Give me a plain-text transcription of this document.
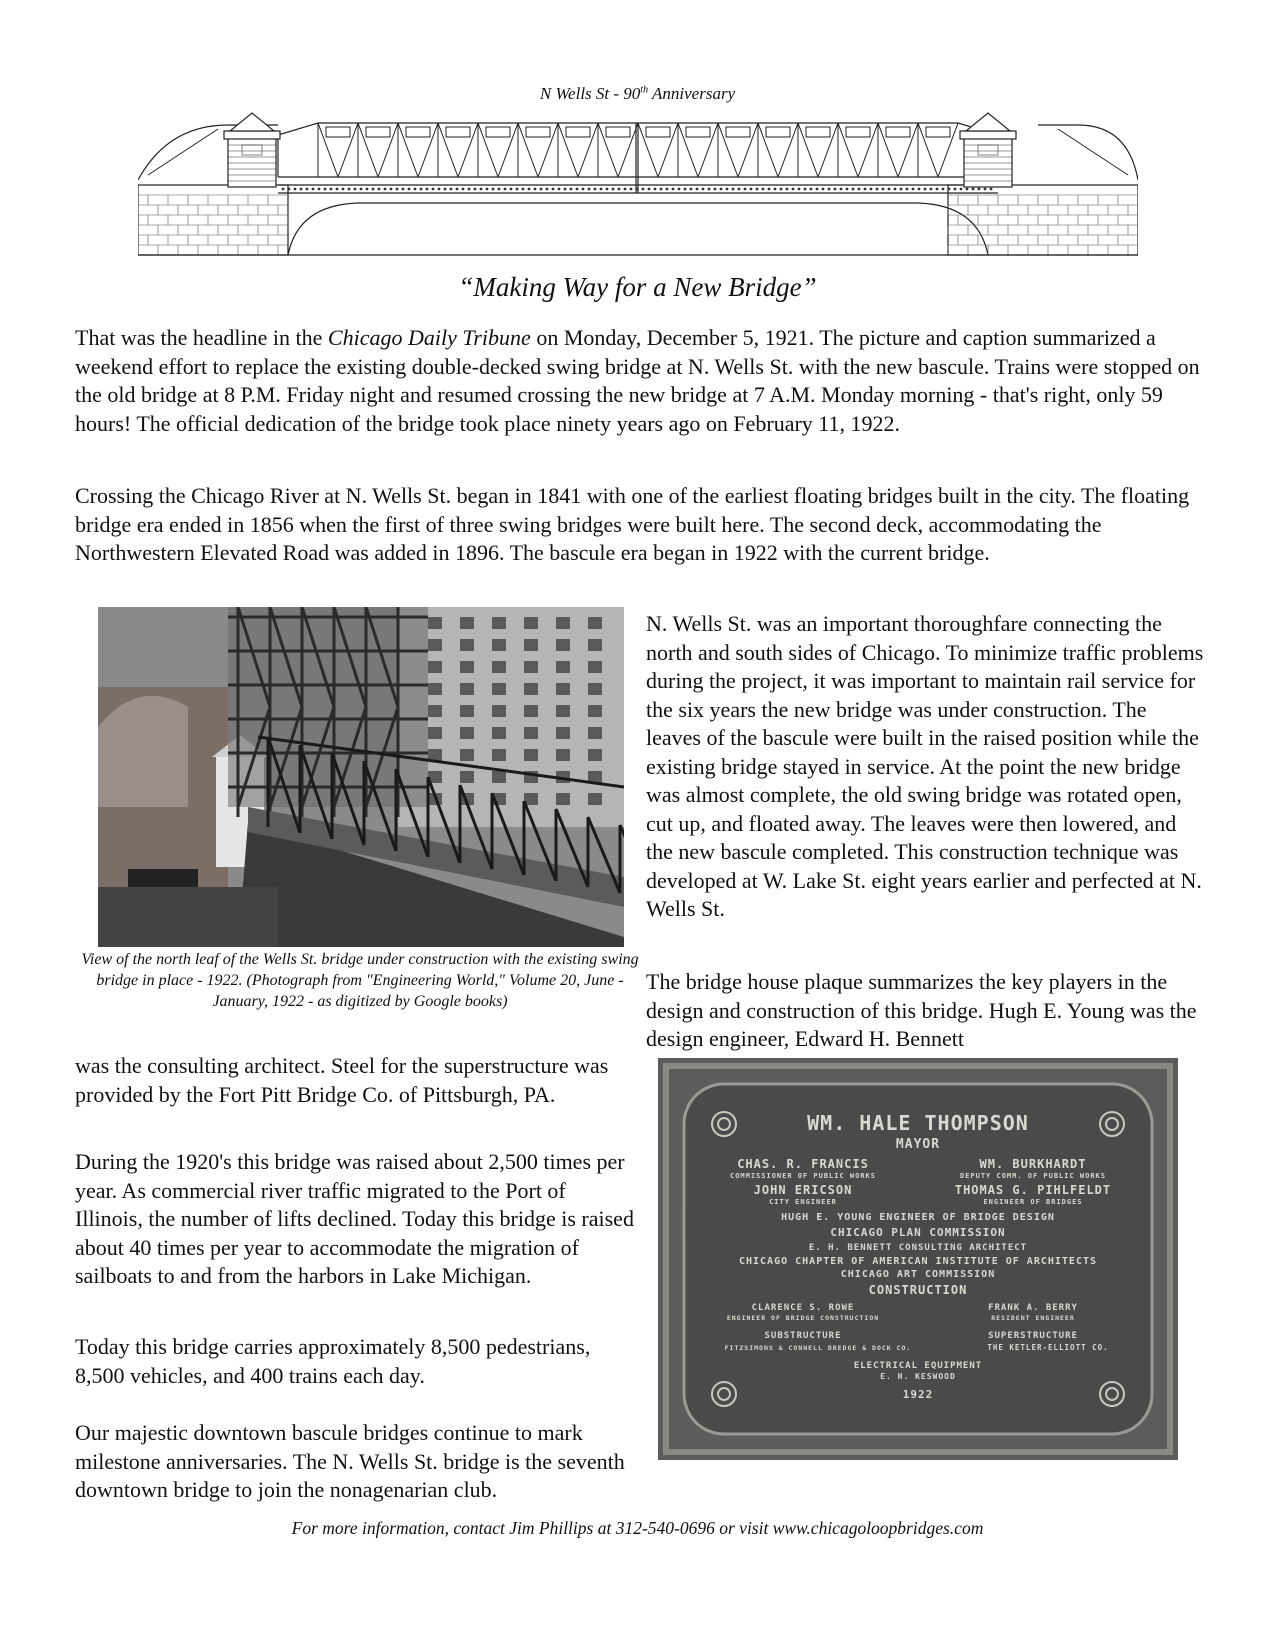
N Wells St - 90th Anniversary
“Making Way for a New Bridge”

That was the headline in the Chicago Daily Tribune on Monday, December 5, 1921. The picture and caption summarized a weekend effort to replace the existing double-decked swing bridge at N. Wells St. with the new bascule. Trains were stopped on the old bridge at 8 P.M. Friday night and resumed crossing the new bridge at 7 A.M. Monday morning - that's right, only 59 hours! The official dedication of the bridge took place ninety years ago on February 11, 1922.

Crossing the Chicago River at N. Wells St. began in 1841 with one of the earliest floating bridges built in the city. The floating bridge era ended in 1856 when the first of three swing bridges were built here. The second deck, accommodating the Northwestern Elevated Road was added in 1896. The bascule era began in 1922 with the current bridge.

View of the north leaf of the Wells St. bridge under construction with the existing swing bridge in place - 1922. (Photograph from "Engineering World," Volume 20, June - January, 1922 - as digitized by Google books)

N. Wells St. was an important thoroughfare connecting the north and south sides of Chicago. To minimize traffic problems during the project, it was important to maintain rail service for the six years the new bridge was under construction. The leaves of the bascule were built in the raised position while the existing bridge stayed in service. At the point the new bridge was almost complete, the old swing bridge was rotated open, cut up, and floated away. The leaves were then lowered, and the new bascule completed. This construction technique was developed at W. Lake St. eight years earlier and perfected at N. Wells St.

The bridge house plaque summarizes the key players in the design and construction of this bridge. Hugh E. Young was the design engineer, Edward H. Bennett

WM. HALE THOMPSON
MAYOR
CHAS. R. FRANCIS
COMMISSIONER OF PUBLIC WORKS
WM. BURKHARDT
DEPUTY COMM. OF PUBLIC WORKS
JOHN ERICSON
CITY ENGINEER
THOMAS G. PIHLFELDT
ENGINEER OF BRIDGES
HUGH E. YOUNG ENGINEER OF BRIDGE DESIGN
CHICAGO PLAN COMMISSION
E. H. BENNETT CONSULTING ARCHITECT
CHICAGO CHAPTER OF AMERICAN INSTITUTE OF ARCHITECTS
CHICAGO ART COMMISSION
CONSTRUCTION
CLARENCE S. ROWE
ENGINEER OF BRIDGE CONSTRUCTION
FRANK A. BERRY
RESIDENT ENGINEER
SUBSTRUCTURE	SUPERSTRUCTURE
FITZSIMONS & CONNELL DREDGE & DOCK CO.	THE KETLER-ELLIOTT CO.
ELECTRICAL EQUIPMENT
E. H. KESWOOD
1922

was the consulting architect. Steel for the superstructure was provided by the Fort Pitt Bridge Co. of Pittsburgh, PA.

During the 1920's this bridge was raised about 2,500 times per year. As commercial river traffic migrated to the Port of Illinois, the number of lifts declined. Today this bridge is raised about 40 times per year to accommodate the migration of sailboats to and from the harbors in Lake Michigan.

Today this bridge carries approximately 8,500 pedestrians, 8,500 vehicles, and 400 trains each day.

Our majestic downtown bascule bridges continue to mark milestone anniversaries. The N. Wells St. bridge is the seventh downtown bridge to join the nonagenarian club.

For more information, contact Jim Phillips at 312-540-0696 or visit www.chicagoloopbridges.com
